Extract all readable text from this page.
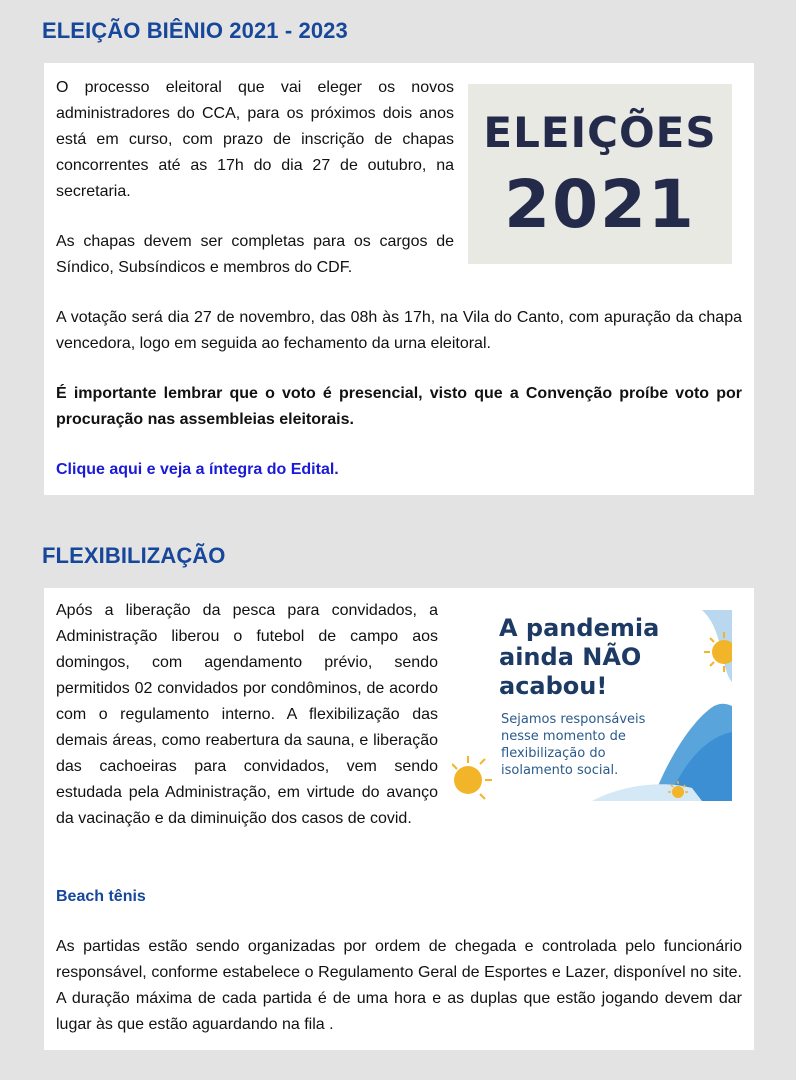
ELEIÇÃO BIÊNIO 2021 - 2023

O processo eleitoral que vai eleger os novos administradores do CCA, para os próximos dois anos está em curso, com prazo de inscrição de chapas concorrentes até as 17h do dia 27 de outubro, na secretaria.

ELEIÇÕES
2021

As chapas devem ser completas para os cargos de Síndico, Subsíndicos e membros do CDF.

A votação será dia 27 de novembro, das 08h às 17h, na Vila do Canto, com apuração da chapa vencedora, logo em seguida ao fechamento da urna eleitoral.

É importante lembrar que o voto é presencial, visto que a Convenção proíbe voto por procuração nas assembleias eleitorais.

Clique aqui e veja a íntegra do Edital.

FLEXIBILIZAÇÃO

Após a liberação da pesca para convidados, a Administração liberou o futebol de campo aos domingos, com agendamento prévio, sendo permitidos 02 convidados por condôminos, de acordo com o regulamento interno. A flexibilização das demais áreas, como reabertura da sauna, e liberação das cachoeiras para convidados, vem sendo estudada pela Administração, em virtude do avanço da vacinação e da diminuição dos casos de covid.

A pandemia
ainda NÃO
acabou!
Sejamos responsáveis
nesse momento de
flexibilização do
isolamento social.

Beach tênis

As partidas estão sendo organizadas por ordem de chegada e controlada pelo funcionário responsável, conforme estabelece o Regulamento Geral de Esportes e Lazer, disponível no site. A duração máxima de cada partida é de uma hora e as duplas que estão jogando devem dar lugar às que estão aguardando na fila .
